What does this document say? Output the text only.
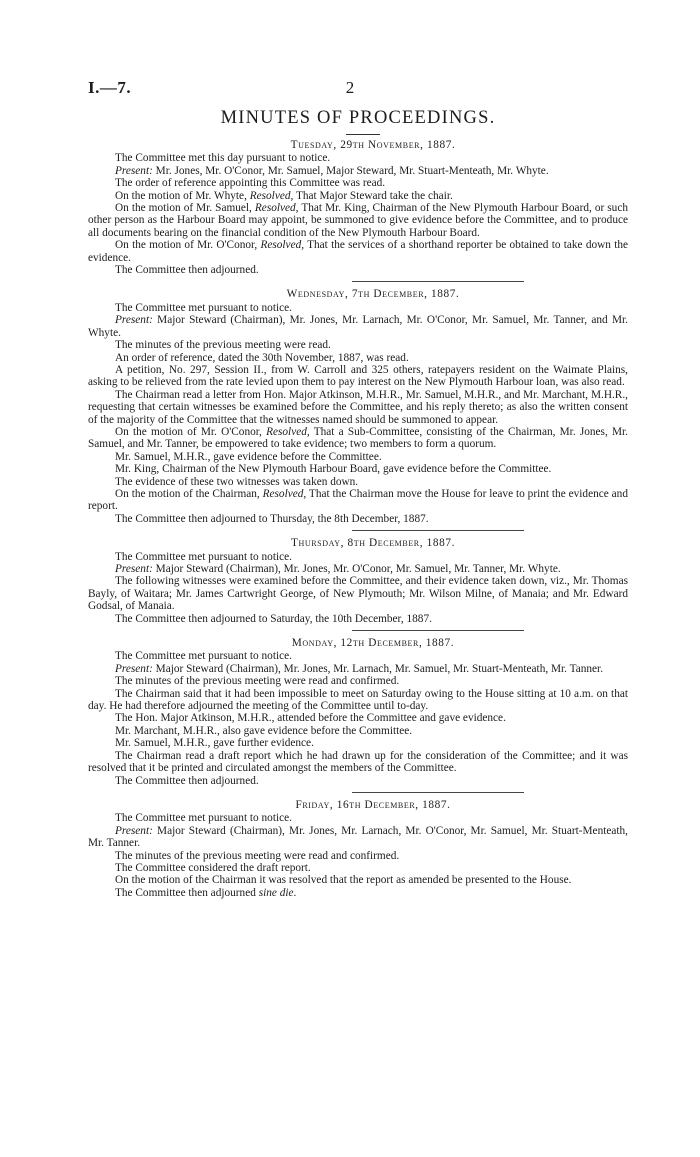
2
I.—7.
MINUTES OF PROCEEDINGS.
Tuesday, 29th November, 1887.

The Committee met this day pursuant to notice.

Present: Mr. Jones, Mr. O'Conor, Mr. Samuel, Major Steward, Mr. Stuart-Menteath, Mr. Whyte.

The order of reference appointing this Committee was read.

On the motion of Mr. Whyte, Resolved, That Major Steward take the chair.

On the motion of Mr. Samuel, Resolved, That Mr. King, Chairman of the New Plymouth Harbour Board, or such other person as the Harbour Board may appoint, be summoned to give evidence before the Committee, and to produce all documents bearing on the financial condition of the New Plymouth Harbour Board.

On the motion of Mr. O'Conor, Resolved, That the services of a shorthand reporter be obtained to take down the evidence.

The Committee then adjourned.

Wednesday, 7th December, 1887.

The Committee met pursuant to notice.

Present: Major Steward (Chairman), Mr. Jones, Mr. Larnach, Mr. O'Conor, Mr. Samuel, Mr. Tanner, and Mr. Whyte.

The minutes of the previous meeting were read.

An order of reference, dated the 30th November, 1887, was read.

A petition, No. 297, Session II., from W. Carroll and 325 others, ratepayers resident on the Waimate Plains, asking to be relieved from the rate levied upon them to pay interest on the New Plymouth Harbour loan, was also read.

The Chairman read a letter from Hon. Major Atkinson, M.H.R., Mr. Samuel, M.H.R., and Mr. Marchant, M.H.R., requesting that certain witnesses be examined before the Committee, and his reply thereto; as also the written consent of the majority of the Committee that the witnesses named should be summoned to appear.

On the motion of Mr. O'Conor, Resolved, That a Sub-Committee, consisting of the Chairman, Mr. Jones, Mr. Samuel, and Mr. Tanner, be empowered to take evidence; two members to form a quorum.

Mr. Samuel, M.H.R., gave evidence before the Committee.

Mr. King, Chairman of the New Plymouth Harbour Board, gave evidence before the Committee.

The evidence of these two witnesses was taken down.

On the motion of the Chairman, Resolved, That the Chairman move the House for leave to print the evidence and report.

The Committee then adjourned to Thursday, the 8th December, 1887.

Thursday, 8th December, 1887.

The Committee met pursuant to notice.

Present: Major Steward (Chairman), Mr. Jones, Mr. O'Conor, Mr. Samuel, Mr. Tanner, Mr. Whyte.

The following witnesses were examined before the Committee, and their evidence taken down, viz., Mr. Thomas Bayly, of Waitara; Mr. James Cartwright George, of New Plymouth; Mr. Wilson Milne, of Manaia; and Mr. Edward Godsal, of Manaia.

The Committee then adjourned to Saturday, the 10th December, 1887.

Monday, 12th December, 1887.

The Committee met pursuant to notice.

Present: Major Steward (Chairman), Mr. Jones, Mr. Larnach, Mr. Samuel, Mr. Stuart-Menteath, Mr. Tanner.

The minutes of the previous meeting were read and confirmed.

The Chairman said that it had been impossible to meet on Saturday owing to the House sitting at 10 a.m. on that day. He had therefore adjourned the meeting of the Committee until to-day.

The Hon. Major Atkinson, M.H.R., attended before the Committee and gave evidence.

Mr. Marchant, M.H.R., also gave evidence before the Committee.

Mr. Samuel, M.H.R., gave further evidence.

The Chairman read a draft report which he had drawn up for the consideration of the Committee; and it was resolved that it be printed and circulated amongst the members of the Committee.

The Committee then adjourned.

Friday, 16th December, 1887.

The Committee met pursuant to notice.

Present: Major Steward (Chairman), Mr. Jones, Mr. Larnach, Mr. O'Conor, Mr. Samuel, Mr. Stuart-Menteath, Mr. Tanner.

The minutes of the previous meeting were read and confirmed.

The Committee considered the draft report.

On the motion of the Chairman it was resolved that the report as amended be presented to the House.

The Committee then adjourned sine die.
